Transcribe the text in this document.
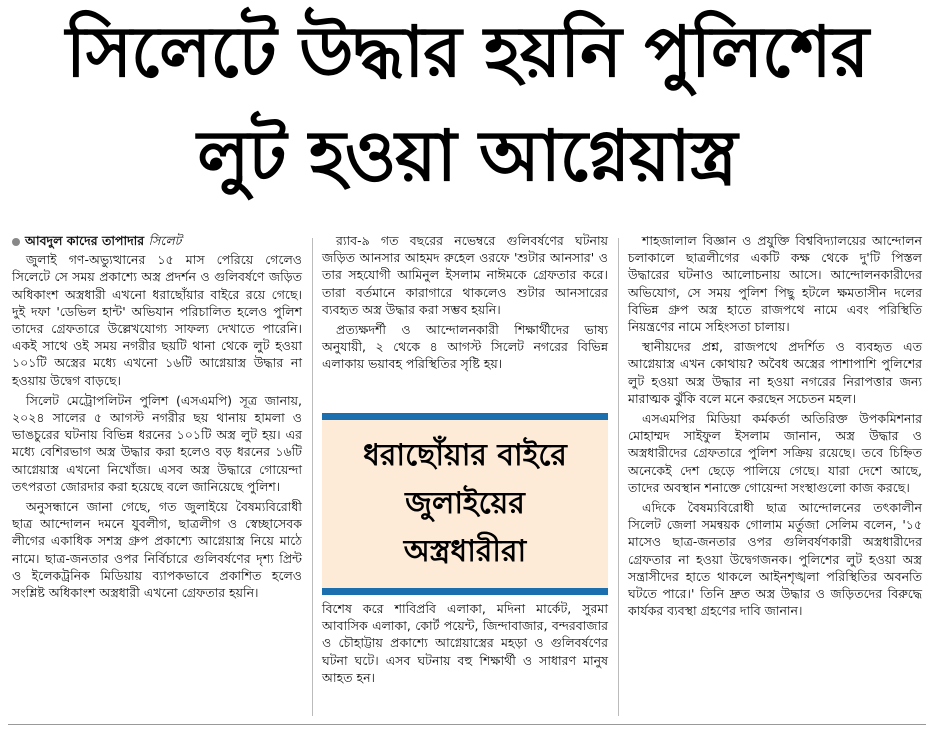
সিলেটে উদ্ধার হয়নি পুলিশের
লুট হওয়া আগ্নেয়াস্ত্র
আবদুল কাদের তাপাদার সিলেট

জুলাই গণ-অভ্যুত্থানের ১৫ মাস পেরিয়ে গেলেও সিলেটে সে সময় প্রকাশ্যে অস্ত্র প্রদর্শন ও গুলিবর্ষণে জড়িত অধিকাংশ অস্ত্রধারী এখনো ধরাছোঁয়ার বাইরে রয়ে গেছে। দুই দফা 'ডেভিল হান্ট' অভিযান পরিচালিত হলেও পুলিশ তাদের গ্রেফতারে উল্লেখযোগ্য সাফল্য দেখাতে পারেনি। একই সাথে ওই সময় নগরীর ছয়টি থানা থেকে লুট হওয়া ১০১টি অস্ত্রের মধ্যে এখনো ১৬টি আগ্নেয়াস্ত্র উদ্ধার না হওয়ায় উদ্বেগ বাড়ছে।

সিলেট মেট্রোপলিটন পুলিশ (এসএমপি) সূত্র জানায়, ২০২৪ সালের ৫ আগস্ট নগরীর ছয় থানায় হামলা ও ভাঙচুরের ঘটনায় বিভিন্ন ধরনের ১০১টি অস্ত্র লুট হয়। এর মধ্যে বেশিরভাগ অস্ত্র উদ্ধার করা হলেও বড় ধরনের ১৬টি আগ্নেয়াস্ত্র এখনো নিখোঁজ। এসব অস্ত্র উদ্ধারে গোয়েন্দা তৎপরতা জোরদার করা হয়েছে বলে জানিয়েছে পুলিশ।

অনুসন্ধানে জানা গেছে, গত জুলাইয়ে বৈষম্যবিরোধী ছাত্র আন্দোলন দমনে যুবলীগ, ছাত্রলীগ ও স্বেচ্ছাসেবক লীগের একাধিক সশস্ত্র গ্রুপ প্রকাশ্যে আগ্নেয়াস্ত্র নিয়ে মাঠে নামে। ছাত্র-জনতার ওপর নির্বিচারে গুলিবর্ষণের দৃশ্য প্রিন্ট ও ইলেকট্রনিক মিডিয়ায় ব্যাপকভাবে প্রকাশিত হলেও সংশ্লিষ্ট অধিকাংশ অস্ত্রধারী এখনো গ্রেফতার হয়নি।

র‍্যাব-৯ গত বছরের নভেম্বরে গুলিবর্ষণের ঘটনায় জড়িত আনসার আহমদ রুহেল ওরফে 'শুটার আনসার' ও তার সহযোগী আমিনুল ইসলাম নাঈমকে গ্রেফতার করে। তারা বর্তমানে কারাগারে থাকলেও শুটার আনসারের ব্যবহৃত অস্ত্র উদ্ধার করা সম্ভব হয়নি।

প্রত্যক্ষদর্শী ও আন্দোলনকারী শিক্ষার্থীদের ভাষ্য অনুযায়ী, ২ থেকে ৪ আগস্ট সিলেট নগরের বিভিন্ন এলাকায় ভয়াবহ পরিস্থিতির সৃষ্টি হয়।

ধরাছোঁয়ার বাইরে
জুলাইয়ের
অস্ত্রধারীরা

বিশেষ করে শাবিপ্রবি এলাকা, মদিনা মার্কেট, সুরমা আবাসিক এলাকা, কোর্ট পয়েন্ট, জিন্দাবাজার, বন্দরবাজার ও চৌহাট্টায় প্রকাশ্যে আগ্নেয়াস্ত্রের মহড়া ও গুলিবর্ষণের ঘটনা ঘটে। এসব ঘটনায় বহু শিক্ষার্থী ও সাধারণ মানুষ আহত হন।

শাহজালাল বিজ্ঞান ও প্রযুক্তি বিশ্ববিদ্যালয়ের আন্দোলন চলাকালে ছাত্রলীগের একটি কক্ষ থেকে দু'টি পিস্তল উদ্ধারের ঘটনাও আলোচনায় আসে। আন্দোলনকারীদের অভিযোগ, সে সময় পুলিশ পিছু হটলে ক্ষমতাসীন দলের বিভিন্ন গ্রুপ অস্ত্র হাতে রাজপথে নামে এবং পরিস্থিতি নিয়ন্ত্রণের নামে সহিংসতা চালায়।

স্থানীয়দের প্রশ্ন, রাজপথে প্রদর্শিত ও ব্যবহৃত এত আগ্নেয়াস্ত্র এখন কোথায়? অবৈধ অস্ত্রের পাশাপাশি পুলিশের লুট হওয়া অস্ত্র উদ্ধার না হওয়া নগরের নিরাপত্তার জন্য মারাত্মক ঝুঁকি বলে মনে করছেন সচেতন মহল।

এসএমপির মিডিয়া কর্মকর্তা অতিরিক্ত উপকমিশনার মোহাম্মদ সাইফুল ইসলাম জানান, অস্ত্র উদ্ধার ও অস্ত্রধারীদের গ্রেফতারে পুলিশ সক্রিয় রয়েছে। তবে চিহ্নিত অনেকেই দেশ ছেড়ে পালিয়ে গেছে। যারা দেশে আছে, তাদের অবস্থান শনাক্তে গোয়েন্দা সংস্থাগুলো কাজ করছে।

এদিকে বৈষম্যবিরোধী ছাত্র আন্দোলনের তৎকালীন সিলেট জেলা সমন্বয়ক গোলাম মর্তুজা সেলিম বলেন, '১৫ মাসেও ছাত্র-জনতার ওপর গুলিবর্ষণকারী অস্ত্রধারীদের গ্রেফতার না হওয়া উদ্বেগজনক। পুলিশের লুট হওয়া অস্ত্র সন্ত্রাসীদের হাতে থাকলে আইনশৃঙ্খলা পরিস্থিতির অবনতি ঘটতে পারে।' তিনি দ্রুত অস্ত্র উদ্ধার ও জড়িতদের বিরুদ্ধে কার্যকর ব্যবস্থা গ্রহণের দাবি জানান।
